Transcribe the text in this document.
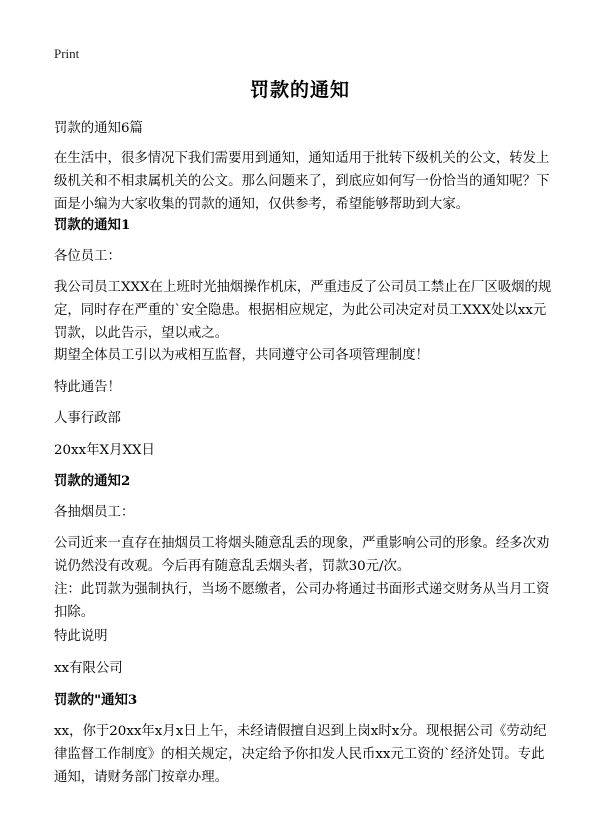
Print
罚款的通知

罚款的通知6篇

在生活中，很多情况下我们需要用到通知，通知适用于批转下级机关的公文，转发上级机关和不相隶属机关的公文。那么问题来了，到底应如何写一份恰当的通知呢？下面是小编为大家收集的罚款的通知，仅供参考，希望能够帮助到大家。

罚款的通知1

各位员工：

我公司员工XXX在上班时光抽烟操作机床，严重违反了公司员工禁止在厂区吸烟的规定，同时存在严重的`安全隐患。根据相应规定，为此公司决定对员工XXX处以xx元罚款，以此告示，望以戒之。

期望全体员工引以为戒相互监督，共同遵守公司各项管理制度！

特此通告！

人事行政部

20xx年X月XX日

罚款的通知2

各抽烟员工：

公司近来一直存在抽烟员工将烟头随意乱丢的现象，严重影响公司的形象。经多次劝说仍然没有改观。今后再有随意乱丢烟头者，罚款30元/次。

注：此罚款为强制执行，当场不愿缴者，公司办将通过书面形式递交财务从当月工资扣除。

特此说明

xx有限公司

罚款的"通知3

xx，你于20xx年x月x日上午，未经请假擅自迟到上岗x时x分。现根据公司《劳动纪律监督工作制度》的相关规定，决定给予你扣发人民币xx元工资的`经济处罚。专此通知，请财务部门按章办理。
